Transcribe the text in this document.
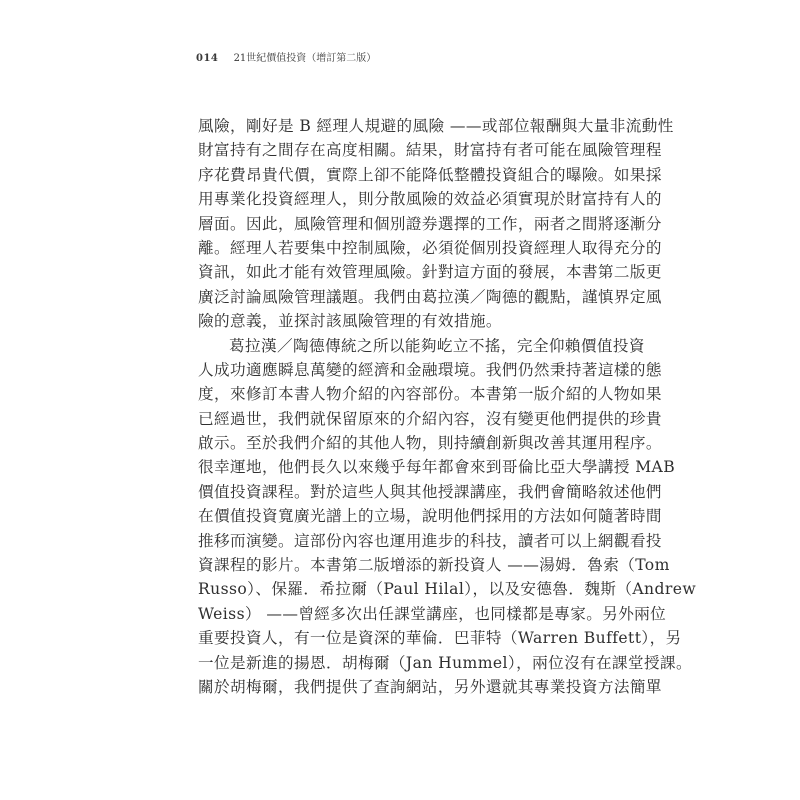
014 21世紀價值投資（增訂第二版）
風險，剛好是 B 經理人規避的風險 ——或部位報酬與大量非流動性
財富持有之間存在高度相關。結果，財富持有者可能在風險管理程
序花費昂貴代價，實際上卻不能降低整體投資組合的曝險。如果採
用專業化投資經理人，則分散風險的效益必須實現於財富持有人的
層面。因此，風險管理和個別證券選擇的工作，兩者之間將逐漸分
離。經理人若要集中控制風險，必須從個別投資經理人取得充分的
資訊，如此才能有效管理風險。針對這方面的發展，本書第二版更
廣泛討論風險管理議題。我們由葛拉漢／陶德的觀點，謹慎界定風
險的意義，並探討該風險管理的有效措施。
葛拉漢／陶德傳統之所以能夠屹立不搖，完全仰賴價值投資
人成功適應瞬息萬變的經濟和金融環境。我們仍然秉持著這樣的態
度，來修訂本書人物介紹的內容部份。本書第一版介紹的人物如果
已經過世，我們就保留原來的介紹內容，沒有變更他們提供的珍貴
啟示。至於我們介紹的其他人物，則持續創新與改善其運用程序。
很幸運地，他們長久以來幾乎每年都會來到哥倫比亞大學講授 MAB
價值投資課程。對於這些人與其他授課講座，我們會簡略敘述他們
在價值投資寬廣光譜上的立場，說明他們採用的方法如何隨著時間
推移而演變。這部份內容也運用進步的科技，讀者可以上網觀看投
資課程的影片。本書第二版增添的新投資人 ——湯姆．魯索（Tom
Russo）、保羅．希拉爾（Paul Hilal），以及安德魯．魏斯（Andrew
Weiss） ——曾經多次出任課堂講座，也同樣都是專家。另外兩位
重要投資人，有一位是資深的華倫．巴菲特（Warren Buffett），另
一位是新進的揚恩．胡梅爾（Jan Hummel），兩位沒有在課堂授課。
關於胡梅爾，我們提供了查詢網站，另外還就其專業投資方法簡單
